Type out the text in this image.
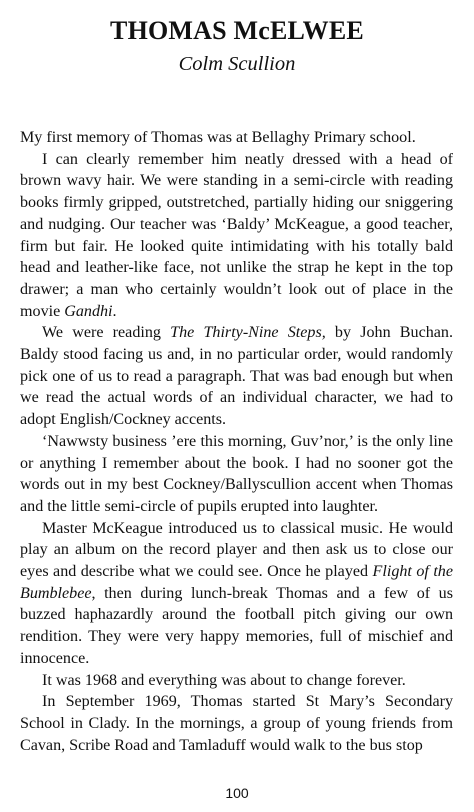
THOMAS McELWEE
Colm Scullion

My first memory of Thomas was at Bellaghy Primary school.

I can clearly remember him neatly dressed with a head of brown wavy hair. We were standing in a semi-circle with reading books firmly gripped, outstretched, partially hiding our sniggering and nudging. Our teacher was ‘Baldy’ McKeague, a good teacher, firm but fair. He looked quite intimidating with his totally bald head and leather-like face, not unlike the strap he kept in the top drawer; a man who certainly wouldn’t look out of place in the movie Gandhi.

We were reading The Thirty-Nine Steps, by John Buchan. Baldy stood facing us and, in no particular order, would randomly pick one of us to read a paragraph. That was bad enough but when we read the actual words of an individual character, we had to adopt English/Cockney accents.

‘Nawwsty business ’ere this morning, Guv’nor,’ is the only line or anything I remember about the book. I had no sooner got the words out in my best Cockney/Ballyscullion accent when Thomas and the little semi-circle of pupils erupted into laughter.

Master McKeague introduced us to classical music. He would play an album on the record player and then ask us to close our eyes and describe what we could see. Once he played Flight of the Bumblebee, then during lunch-break Thomas and a few of us buzzed haphazardly around the football pitch giving our own rendition. They were very happy memories, full of mischief and innocence.

It was 1968 and everything was about to change forever.

In September 1969, Thomas started St Mary’s Secondary School in Clady. In the mornings, a group of young friends from Cavan, Scribe Road and Tamladuff would walk to the bus stop

100
